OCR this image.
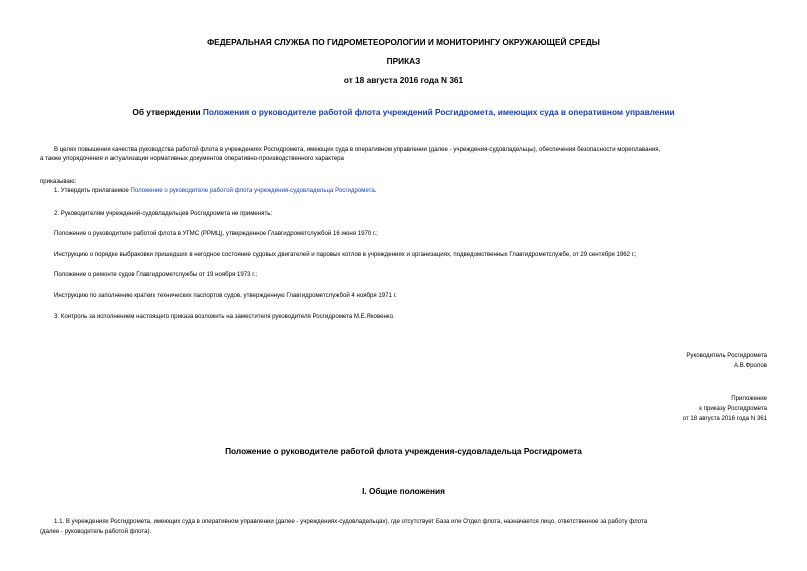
ФЕДЕРАЛЬНАЯ СЛУЖБА ПО ГИДРОМЕТЕОРОЛОГИИ И МОНИТОРИНГУ ОКРУЖАЮЩЕЙ СРЕДЫ
ПРИКАЗ
от 18 августа 2016 года N 361
Об утверждении Положения о руководителе работой флота учреждений Росгидромета, имеющих суда в оперативном управлении
В целях повышения качества руководства работой флота в учреждениях Росгидромета, имеющих суда в оперативном управлении (далее - учреждения-судовладельцы), обеспечения безопасности мореплавания,
а также упорядочения и актуализации нормативных документов оперативно-производственного характера
приказываю:
1. Утвердить прилагаемое Положение о руководителе работой флота учреждения-судовладельца Росгидромета.
2. Руководителям учреждений-судовладельцев Росгидромета не применять:
Положение о руководителе работой флота в УГМС (РРМЦ), утвержденное Главгидрометслужбой 16 июня 1970 г.;
Инструкцию о порядке выбраковки пришедших в негодное состояние судовых двигателей и паровых котлов в учреждениях и организациях, подведомственных Главгидрометслужбе, от 29 сентября 1962 г.;
Положение о ремонте судов Главгидрометслужбы от 19 ноября 1973 г.;
Инструкцию по заполнению кратких технических паспортов судов, утвержденную Главгидрометслужбой 4 ноября 1971 г.
3. Контроль за исполнением настоящего приказа возложить на заместителя руководителя Росгидромета М.Е.Яковенко.
Руководитель Росгидромета
А.В.Фролов
Приложение
к приказу Росгидромета
от 18 августа 2016 года N 361
Положение о руководителе работой флота учреждения-судовладельца Росгидромета
I. Общие положения
1.1. В учреждениях Росгидромета, имеющих суда в оперативном управлении (далее - учреждениях-судовладельцах), где отсутствует База или Отдел флота, назначается лицо, ответственное за работу флота
(далее - руководитель работой флота).
